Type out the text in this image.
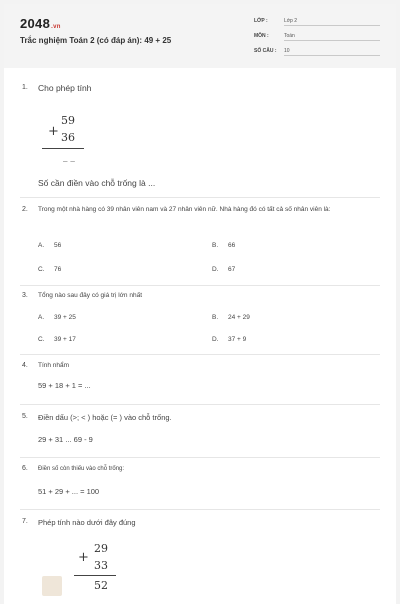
2048.vn
Trắc nghiệm Toán 2 (có đáp án): 49 + 25
LỚP :	Lớp 2
MÔN :	Toán
SỐ CÂU : 10
1. Cho phép tính
+
59
36
_ _
Số cần điền vào chỗ trống là ...
2. Trong một nhà hàng có 39 nhân viên nam và 27 nhân viên nữ. Nhà hàng đó có tất cả số nhân viên là:
A. 56	B. 66
C. 76	D. 67
3. Tổng nào sau đây có giá trị lớn nhất
A. 39 + 25	B. 24 + 29
C. 39 + 17	D. 37 + 9
4. Tính nhẩm
59 + 18 + 1 = ...
5. Điền dấu (>; < ) hoặc (= ) vào chỗ trống.
29 + 31 ... 69 - 9
6. Điền số còn thiếu vào chỗ trống:
51 + 29 + ... = 100
7. Phép tính nào dưới đây đúng
+
29
33
52
